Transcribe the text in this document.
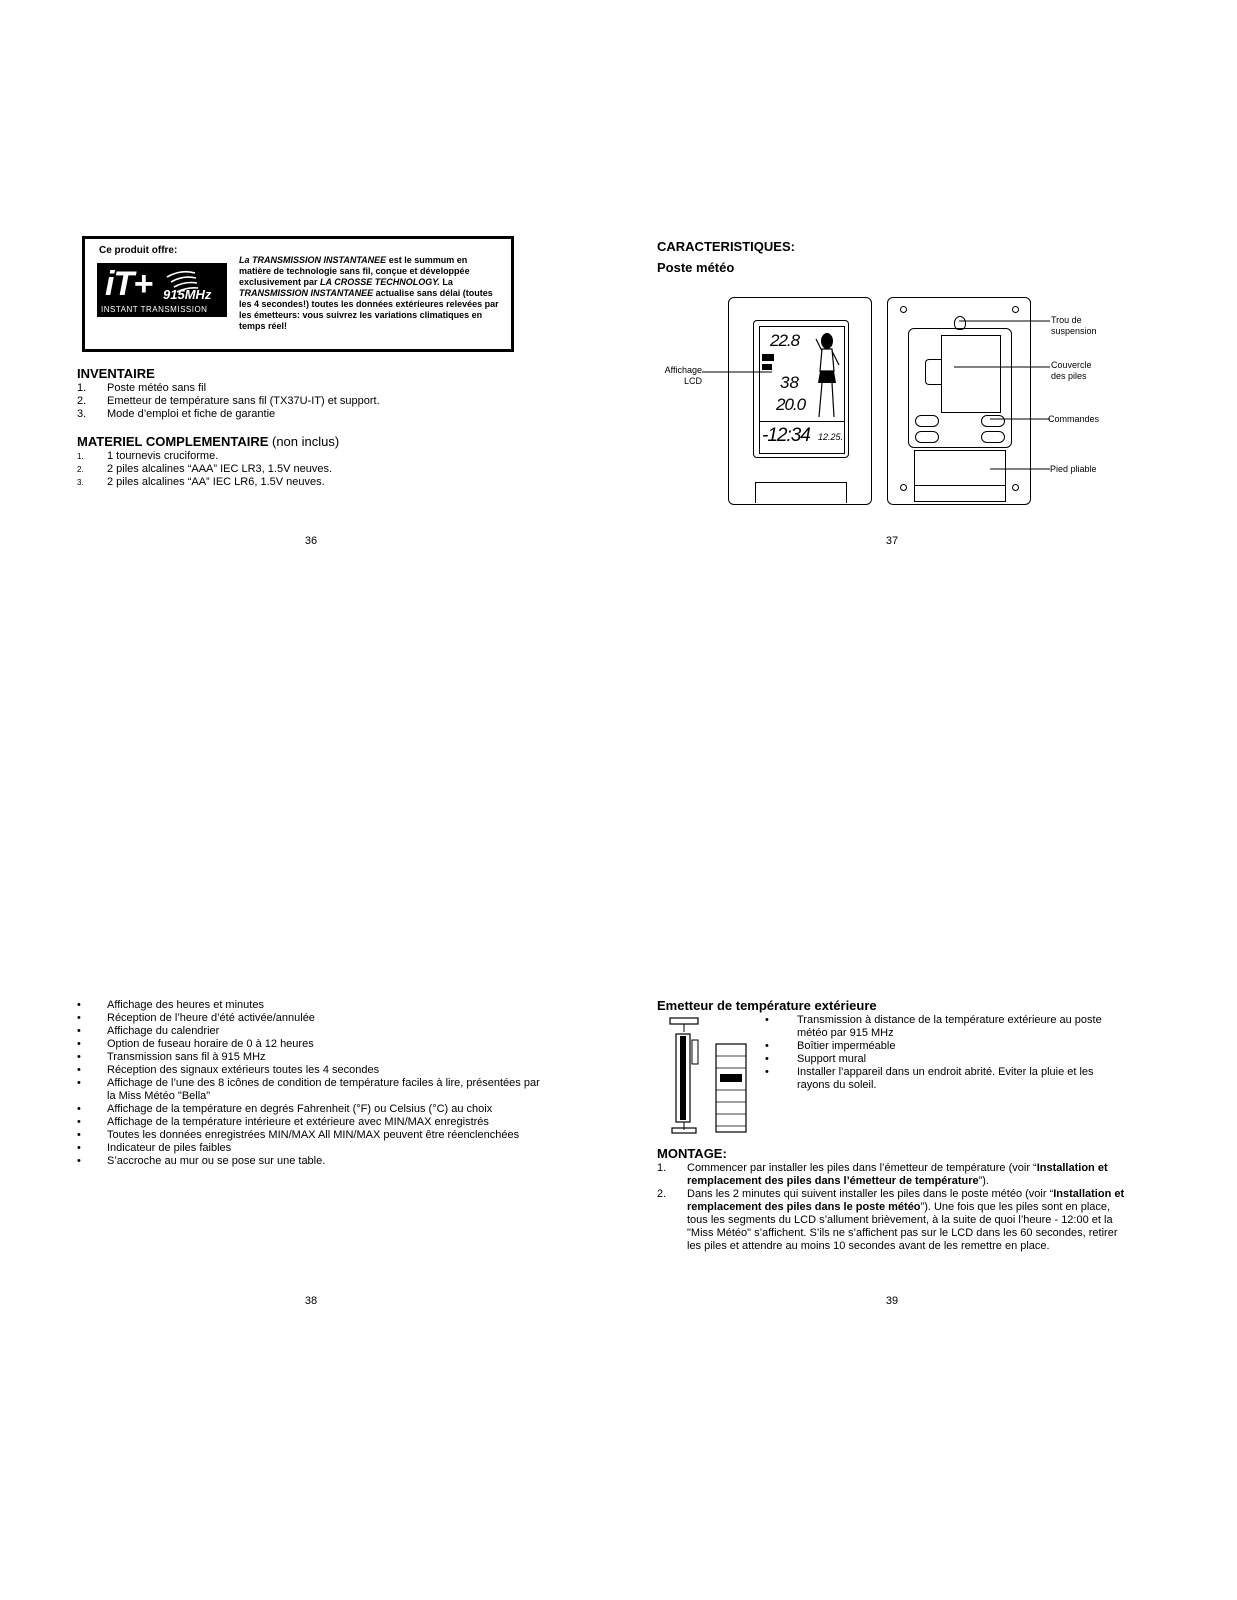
Ce produit offre:
iT+ 915MHz
INSTANT TRANSMISSION
La TRANSMISSION INSTANTANEE est le summum en matière de technologie sans fil, conçue et développée exclusivement par LA CROSSE TECHNOLOGY. La TRANSMISSION INSTANTANEE actualise sans délai (toutes les 4 secondes!) toutes les données extérieures relevées par les émetteurs: vous suivrez les variations climatiques en temps réel!
INVENTAIRE
1. Poste météo sans fil
2. Emetteur de température sans fil (TX37U-IT) et support.
3. Mode d’emploi et fiche de garantie
MATERIEL COMPLEMENTAIRE (non inclus)
1. 1 tournevis cruciforme.
2. 2 piles alcalines “AAA” IEC LR3, 1.5V neuves.
3. 2 piles alcalines “AA” IEC LR6, 1.5V neuves.
36
CARACTERISTIQUES:
Poste météo
22.8
38
20.0
-12:34 12.25.
Affichage LCD
Trou de suspension
Couvercle des piles
Commandes
Pied pliable
37
• Affichage des heures et minutes
• Réception de l’heure d’été activée/annulée
• Affichage du calendrier
• Option de fuseau horaire de 0 à 12 heures
• Transmission sans fil à 915 MHz
• Réception des signaux extérieurs toutes les 4 secondes
• Affichage de l’une des 8 icônes de condition de température faciles à lire, présentées par la Miss Météo "Bella"
• Affichage de la température en degrés Fahrenheit (°F) ou Celsius (°C) au choix
• Affichage de la température intérieure et extérieure avec MIN/MAX enregistrés
• Toutes les données enregistrées MIN/MAX All MIN/MAX peuvent être réenclenchées
• Indicateur de piles faibles
• S’accroche au mur ou se pose sur une table.
38
Emetteur de température extérieure
•	Transmission à distance de la température extérieure au poste météo par 915 MHz
•	Boîtier imperméable
•	Support mural
•	Installer l’appareil dans un endroit abrité. Eviter la pluie et les rayons du soleil.
MONTAGE:
1. Commencer par installer les piles dans l’émetteur de température (voir “Installation et remplacement des piles dans l’émetteur de température”).
2. Dans les 2 minutes qui suivent installer les piles dans le poste météo (voir “Installation et remplacement des piles dans le poste météo”). Une fois que les piles sont en place, tous les segments du LCD s’allument brièvement, à la suite de quoi l’heure - 12:00 et la "Miss Météo" s’affichent. S’ils ne s’affichent pas sur le LCD dans les 60 secondes, retirer les piles et attendre au moins 10 secondes avant de les remettre en place.
39
